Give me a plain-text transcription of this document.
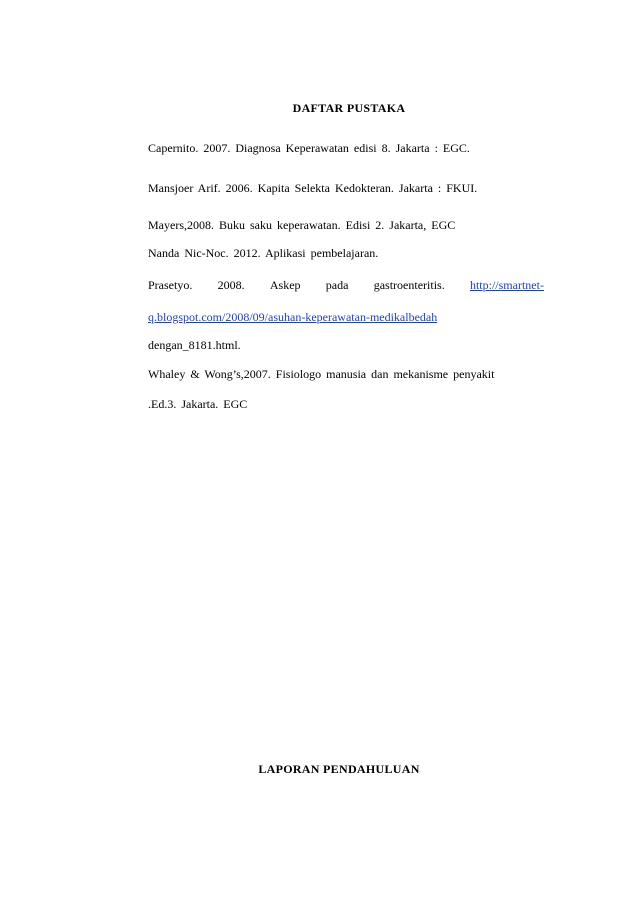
DAFTAR PUSTAKA
Capernito. 2007. Diagnosa Keperawatan edisi 8. Jakarta : EGC.
Mansjoer Arif. 2006. Kapita Selekta Kedokteran. Jakarta : FKUI.
Mayers,2008. Buku saku keperawatan. Edisi 2. Jakarta, EGC
Nanda Nic-Noc. 2012. Aplikasi pembelajaran.
Prasetyo. 2008. Askep pada gastroenteritis. http://smartnet-
q.blogspot.com/2008/09/asuhan-keperawatan-medikalbedah
dengan_8181.html.
Whaley & Wong’s,2007. Fisiologo manusia dan mekanisme penyakit
.Ed.3. Jakarta. EGC
LAPORAN PENDAHULUAN
